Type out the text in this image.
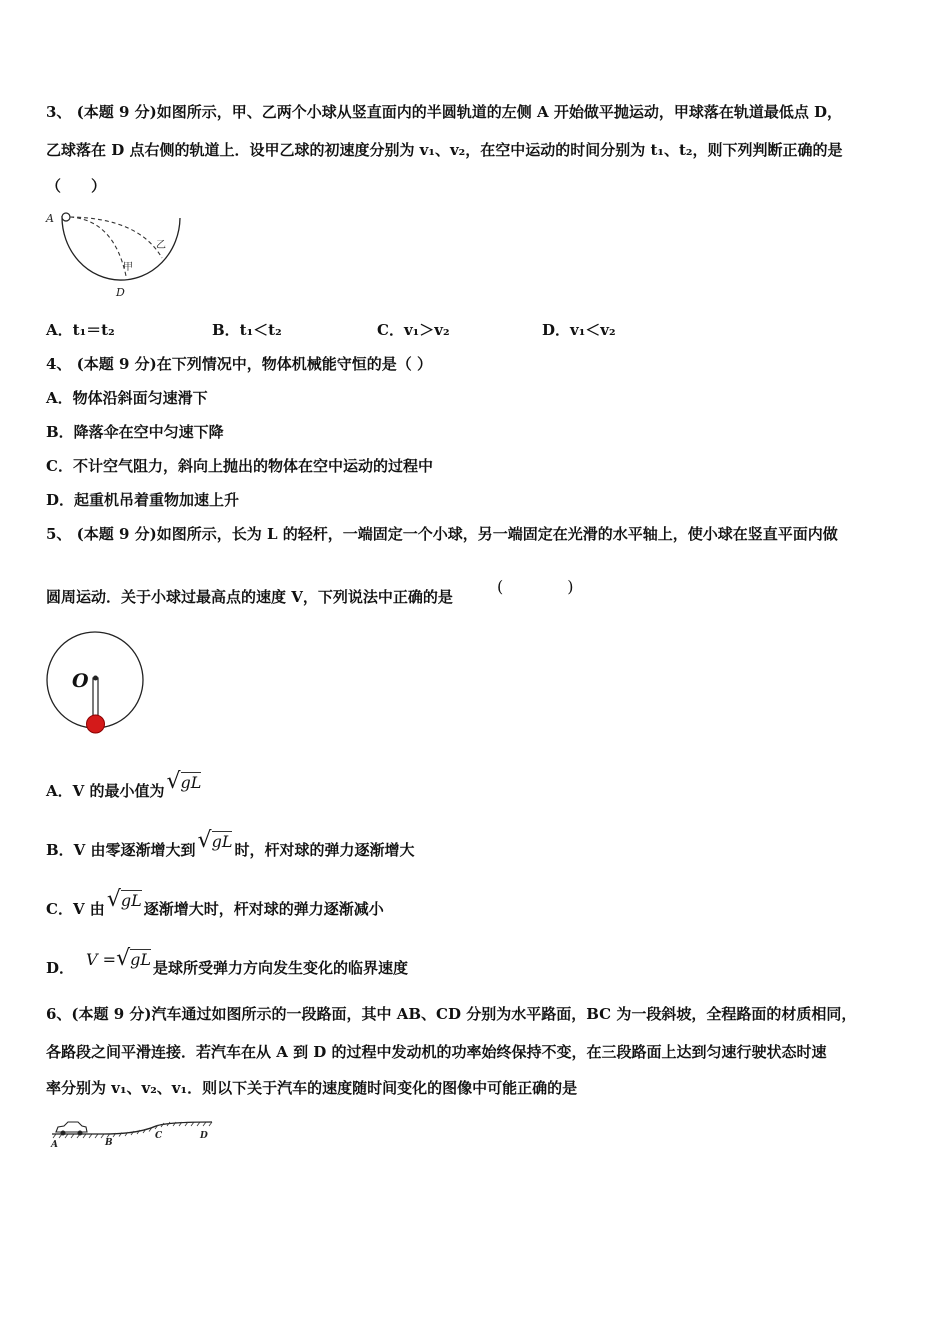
3、 (本题 9 分)如图所示，甲、乙两个小球从竖直面内的半圆轨道的左侧 A 开始做平抛运动，甲球落在轨道最低点 D，
乙球落在 D 点右侧的轨道上．设甲乙球的初速度分别为 v₁、v₂，在空中运动的时间分别为 t₁、t₂，则下列判断正确的是
（　　）
A
甲
乙
D
A．t₁＝t₂	B．t₁＜t₂	C．v₁＞v₂	D．v₁＜v₂
4、 (本题 9 分)在下列情况中，物体机械能守恒的是（ ）
A．物体沿斜面匀速滑下
B．降落伞在空中匀速下降
C．不计空气阻力，斜向上抛出的物体在空中运动的过程中
D．起重机吊着重物加速上升
5、 (本题 9 分)如图所示，长为 L 的轻杆，一端固定一个小球，另一端固定在光滑的水平轴上，使小球在竖直平面内做
圆周运动．关于小球过最高点的速度 V，下列说法中正确的是
(　　　　)
O
A．V 的最小值为√gL
B．V 由零逐渐增大到√gL 时，杆对球的弹力逐渐增大
C．V 由√gL 逐渐增大时，杆对球的弹力逐渐减小
D． V =√gL 是球所受弹力方向发生变化的临界速度
6、(本题 9 分)汽车通过如图所示的一段路面，其中 AB、CD 分别为水平路面，BC 为一段斜坡，全程路面的材质相同，
各路段之间平滑连接．若汽车在从 A 到 D 的过程中发动机的功率始终保持不变，在三段路面上达到匀速行驶状态时速
率分别为 v₁、v₂、v₁．则以下关于汽车的速度随时间变化的图像中可能正确的是
A	B
C	D
